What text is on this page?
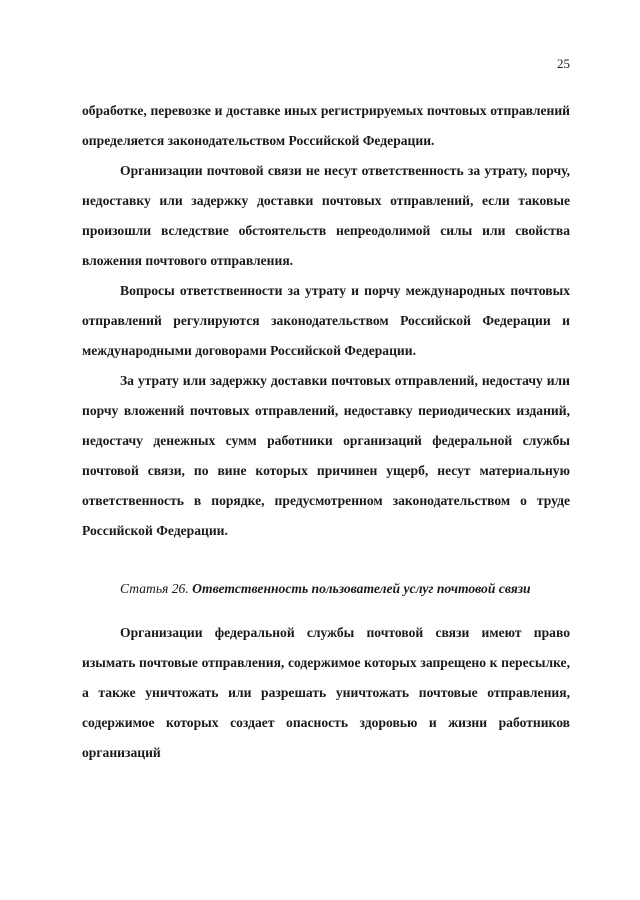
25

обработке, перевозке и доставке иных регистрируемых почтовых отправлений определяется законодательством Российской Федерации.

Организации почтовой связи не несут ответственность за утрату, порчу, недоставку или задержку доставки почтовых отправлений, если таковые произошли вследствие обстоятельств непреодолимой силы или свойства вложения почтового отправления.

Вопросы ответственности за утрату и порчу международных почтовых отправлений регулируются законодательством Российской Федерации и международными договорами Российской Федерации.

За утрату или задержку доставки почтовых отправлений, недостачу или порчу вложений почтовых отправлений, недоставку периодических изданий, недостачу денежных сумм работники организаций федеральной службы почтовой связи, по вине которых причинен ущерб, несут материальную ответственность в порядке, предусмотренном законодательством о труде Российской Федерации.

Статья 26. Ответственность пользователей услуг почтовой связи

Организации федеральной службы почтовой связи имеют право изымать почтовые отправления, содержимое которых запрещено к пересылке, а также уничтожать или разрешать уничтожать почтовые отправления, содержимое которых создает опасность здоровью и жизни работников организаций
